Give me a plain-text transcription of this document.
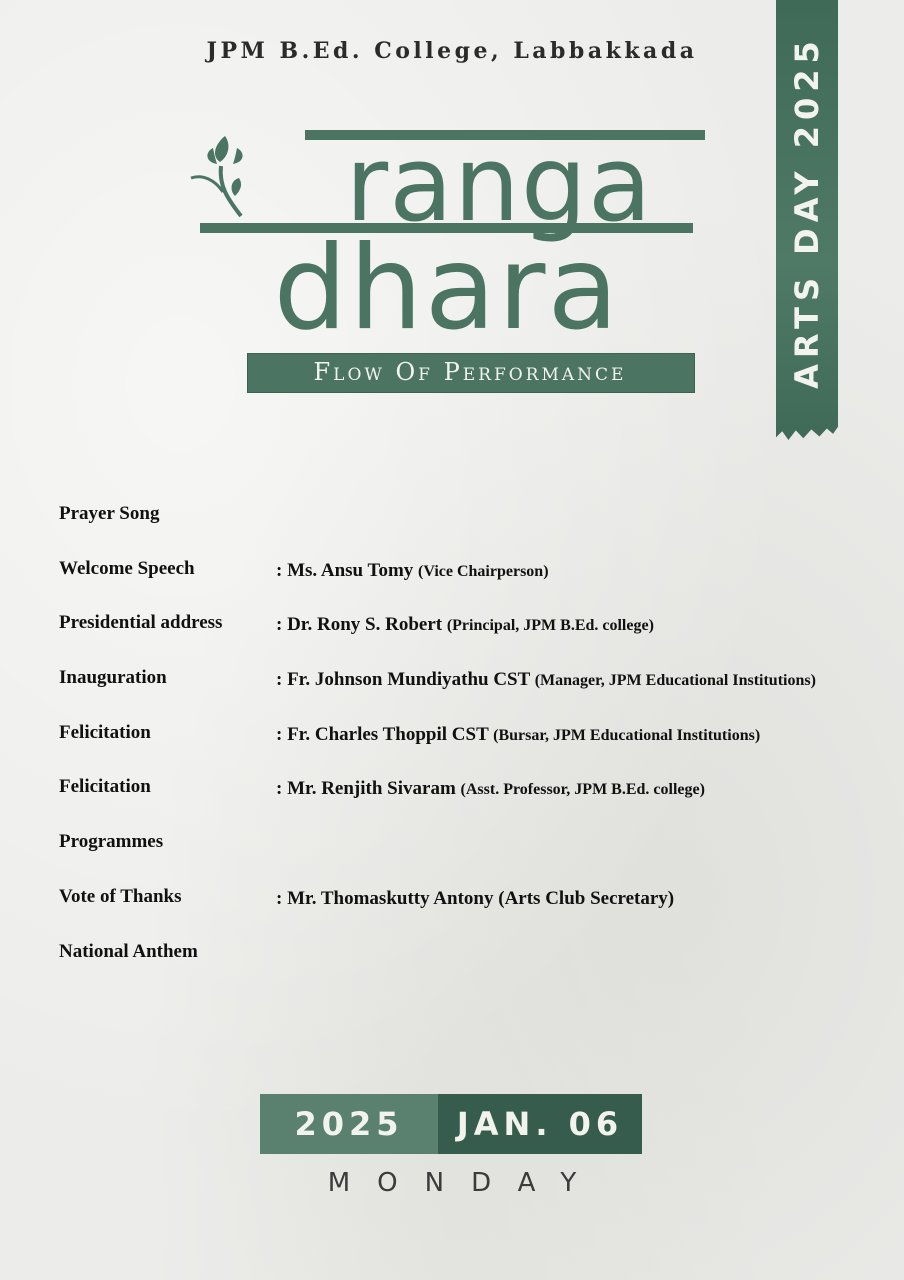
JPM B.Ed. College, Labbakkada	ARTS DAY 2025
ranga
dhara
Flow Of Performance
Prayer Song
Welcome Speech	: Ms. Ansu Tomy (Vice Chairperson)
Presidential address	: Dr. Rony S. Robert (Principal, JPM B.Ed. college)
Inauguration	: Fr. Johnson Mundiyathu CST (Manager, JPM Educational Institutions)
Felicitation	: Fr. Charles Thoppil CST (Bursar, JPM Educational Institutions)
Felicitation	: Mr. Renjith Sivaram (Asst. Professor, JPM B.Ed. college)
Programmes
Vote of Thanks	: Mr. Thomaskutty Antony (Arts Club Secretary)
National Anthem
2025	JAN. 06
MONDAY
